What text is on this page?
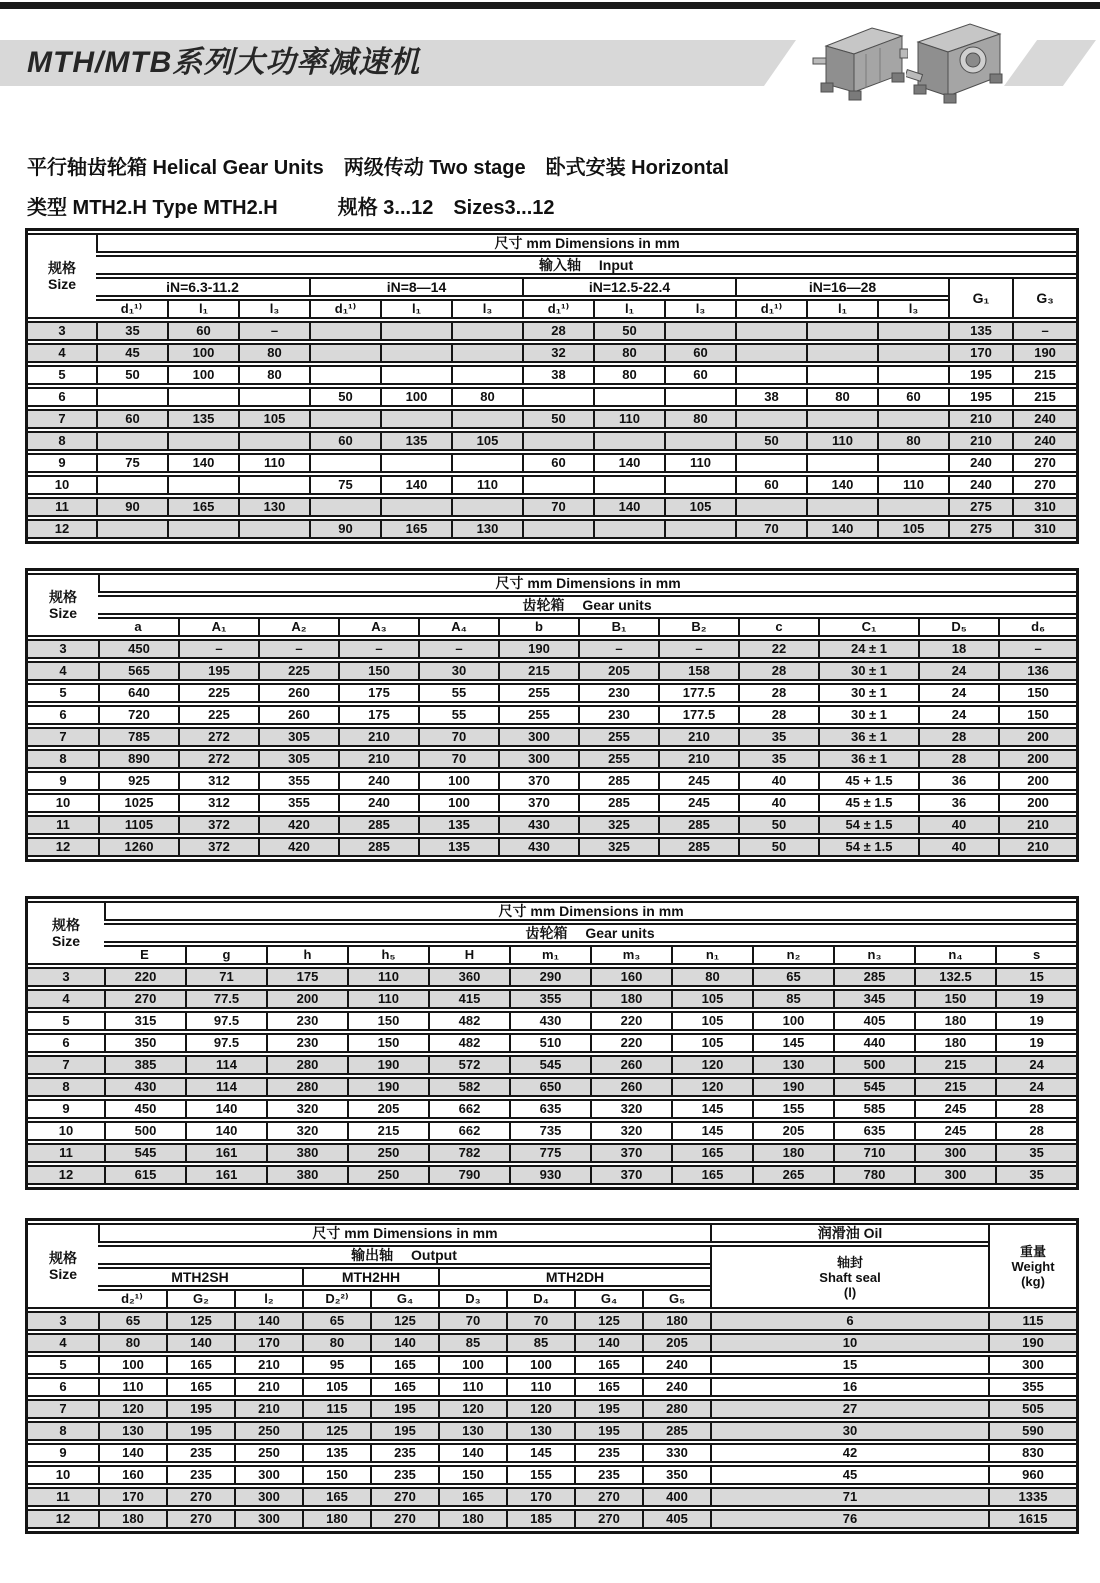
MTH/MTB系列大功率减速机
平行轴齿轮箱 Helical Gear Units　两级传动 Two stage　卧式安装 Horizontal
类型 MTH2.H Type MTH2.H　　　规格 3...12　Sizes3...12
规格
Size	尺寸 mm Dimensions in mm													
	输入轴　 Input													
	iN=6.3-11.2			iN=8—14			iN=12.5-22.4			iN=16—28			G₁	G₃
	d₁¹⁾	l₁	l₃	d₁¹⁾	l₁	l₃	d₁¹⁾	l₁	l₃	d₁¹⁾	l₁	l₃		
3	35	60	–				28	50					135	–
4	45	100	80				32	80	60				170	190
5	50	100	80				38	80	60				195	215
6				50	100	80				38	80	60	195	215
7	60	135	105				50	110	80				210	240
8				60	135	105				50	110	80	210	240
9	75	140	110				60	140	110				240	270
10				75	140	110				60	140	110	240	270
11	90	165	130				70	140	105				275	310
12				90	165	130				70	140	105	275	310
规格
Size	尺寸 mm Dimensions in mm											
	齿轮箱　 Gear units											
	a	A₁	A₂	A₃	A₄	b	B₁	B₂	c	C₁	D₅	d₆
3	450	–	–	–	–	190	–	–	22	24 ± 1	18	–
4	565	195	225	150	30	215	205	158	28	30 ± 1	24	136
5	640	225	260	175	55	255	230	177.5	28	30 ± 1	24	150
6	720	225	260	175	55	255	230	177.5	28	30 ± 1	24	150
7	785	272	305	210	70	300	255	210	35	36 ± 1	28	200
8	890	272	305	210	70	300	255	210	35	36 ± 1	28	200
9	925	312	355	240	100	370	285	245	40	45 + 1.5	36	200
10	1025	312	355	240	100	370	285	245	40	45 ± 1.5	36	200
11	1105	372	420	285	135	430	325	285	50	54 ± 1.5	40	210
12	1260	372	420	285	135	430	325	285	50	54 ± 1.5	40	210
规格
Size	尺寸 mm Dimensions in mm											
	齿轮箱　 Gear units											
	E	g	h	h₅	H	m₁	m₃	n₁	n₂	n₃	n₄	s
3	220	71	175	110	360	290	160	80	65	285	132.5	15
4	270	77.5	200	110	415	355	180	105	85	345	150	19
5	315	97.5	230	150	482	430	220	105	100	405	180	19
6	350	97.5	230	150	482	510	220	105	145	440	180	19
7	385	114	280	190	572	545	260	120	130	500	215	24
8	430	114	280	190	582	650	260	120	190	545	215	24
9	450	140	320	205	662	635	320	145	155	585	245	28
10	500	140	320	215	662	735	320	145	205	635	245	28
11	545	161	380	250	782	775	370	165	180	710	300	35
12	615	161	380	250	790	930	370	165	265	780	300	35
规格
Size	尺寸 mm Dimensions in mm									润滑油 Oil	重量
Weight
(kg)
	输出轴　 Output									轴封
Shaft seal
(l)	
	MTH2SH			MTH2HH		MTH2DH					
	d₂¹⁾	G₂	l₂	D₂²⁾	G₄	D₃	D₄	G₄	G₅		
3	65	125	140	65	125	70	70	125	180	6	115
4	80	140	170	80	140	85	85	140	205	10	190
5	100	165	210	95	165	100	100	165	240	15	300
6	110	165	210	105	165	110	110	165	240	16	355
7	120	195	210	115	195	120	120	195	280	27	505
8	130	195	250	125	195	130	130	195	285	30	590
9	140	235	250	135	235	140	145	235	330	42	830
10	160	235	300	150	235	150	155	235	350	45	960
11	170	270	300	165	270	165	170	270	400	71	1335
12	180	270	300	180	270	180	185	270	405	76	1615
